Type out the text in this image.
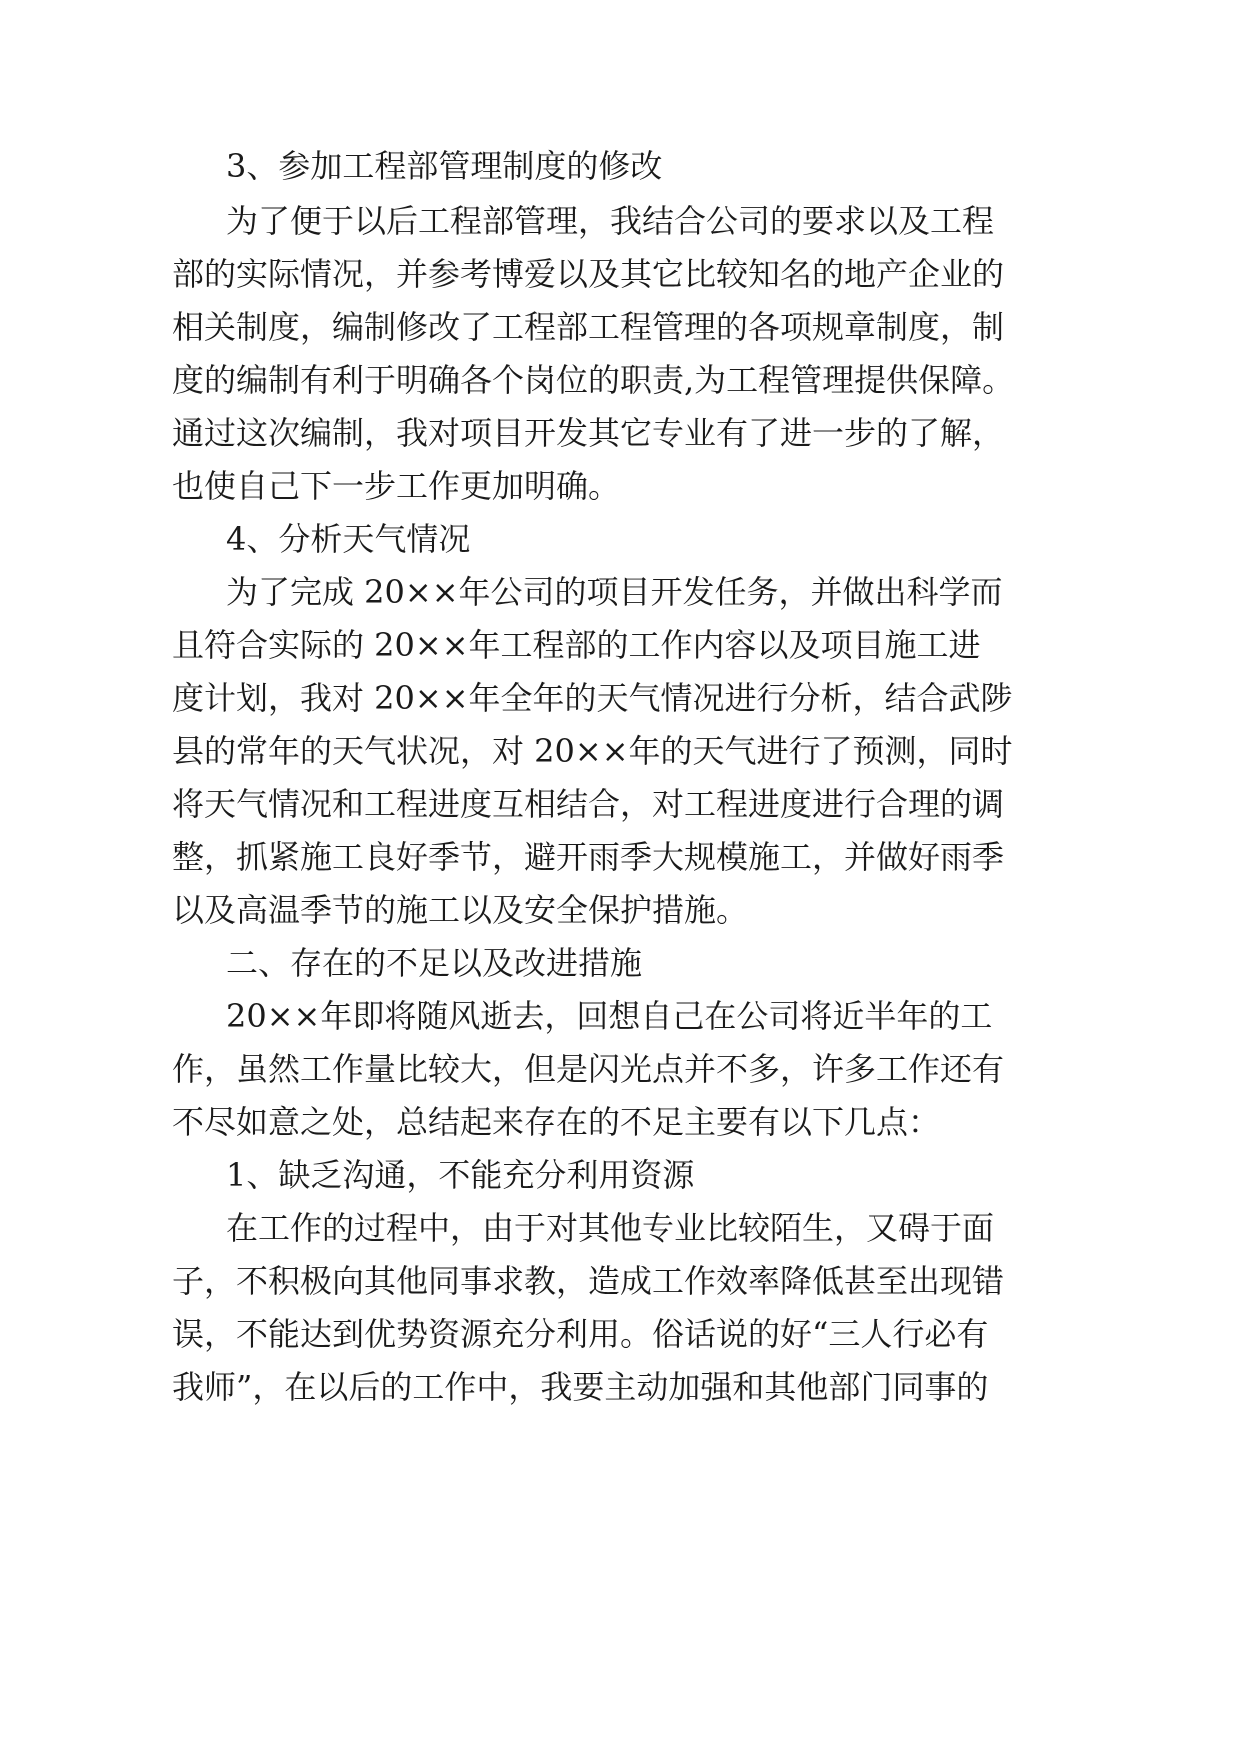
3、参加工程部管理制度的修改
为了便于以后工程部管理，我结合公司的要求以及工程
部的实际情况，并参考博爱以及其它比较知名的地产企业的
相关制度，编制修改了工程部工程管理的各项规章制度，制
度的编制有利于明确各个岗位的职责,为工程管理提供保障。
通过这次编制，我对项目开发其它专业有了进一步的了解，
也使自己下一步工作更加明确。
4、分析天气情况
为了完成 20××年公司的项目开发任务，并做出科学而
且符合实际的 20××年工程部的工作内容以及项目施工进
度计划，我对 20××年全年的天气情况进行分析，结合武陟
县的常年的天气状况，对 20××年的天气进行了预测，同时
将天气情况和工程进度互相结合，对工程进度进行合理的调
整，抓紧施工良好季节，避开雨季大规模施工，并做好雨季
以及高温季节的施工以及安全保护措施。
二、存在的不足以及改进措施
20××年即将随风逝去，回想自己在公司将近半年的工
作，虽然工作量比较大，但是闪光点并不多，许多工作还有
不尽如意之处，总结起来存在的不足主要有以下几点：
1、缺乏沟通，不能充分利用资源
在工作的过程中，由于对其他专业比较陌生，又碍于面
子，不积极向其他同事求教，造成工作效率降低甚至出现错
误，不能达到优势资源充分利用。俗话说的好“三人行必有
我师”，在以后的工作中，我要主动加强和其他部门同事的
